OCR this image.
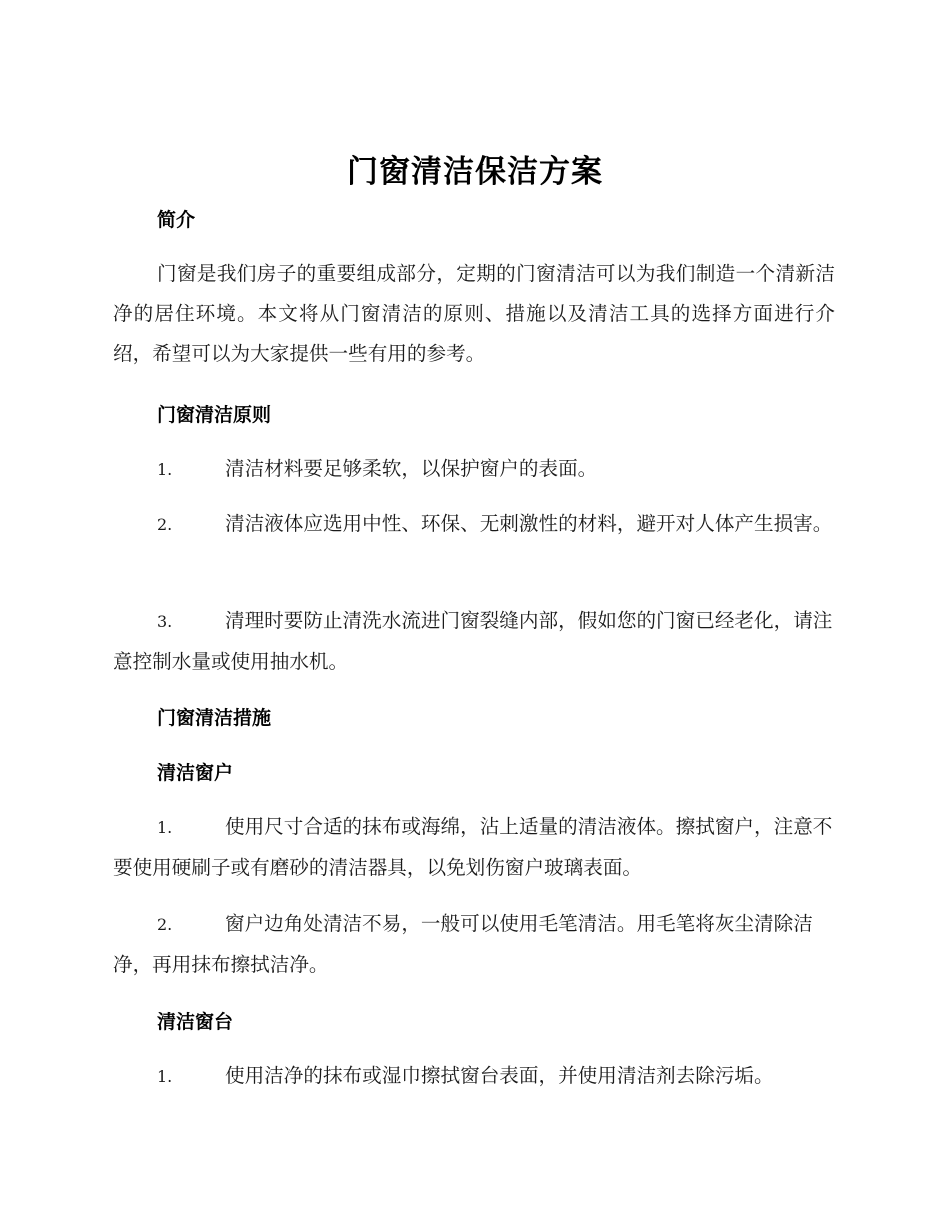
门窗清洁保洁方案
简介
门窗是我们房子的重要组成部分，定期的门窗清洁可以为我们制造一个清新洁净的居住环境。本文将从门窗清洁的原则、措施以及清洁工具的选择方面进行介绍，希望可以为大家提供一些有用的参考。
门窗清洁原则
1.	清洁材料要足够柔软，以保护窗户的表面。
2.	清洁液体应选用中性、环保、无刺激性的材料，避开对人体产生损害。
3.	清理时要防止清洗水流进门窗裂缝内部，假如您的门窗已经老化，请注意控制水量或使用抽水机。
门窗清洁措施
清洁窗户
1.	使用尺寸合适的抹布或海绵，沾上适量的清洁液体。擦拭窗户，注意不要使用硬刷子或有磨砂的清洁器具，以免划伤窗户玻璃表面。
2.	窗户边角处清洁不易，一般可以使用毛笔清洁。用毛笔将灰尘清除洁净，再用抹布擦拭洁净。
清洁窗台
1.	使用洁净的抹布或湿巾擦拭窗台表面，并使用清洁剂去除污垢。
